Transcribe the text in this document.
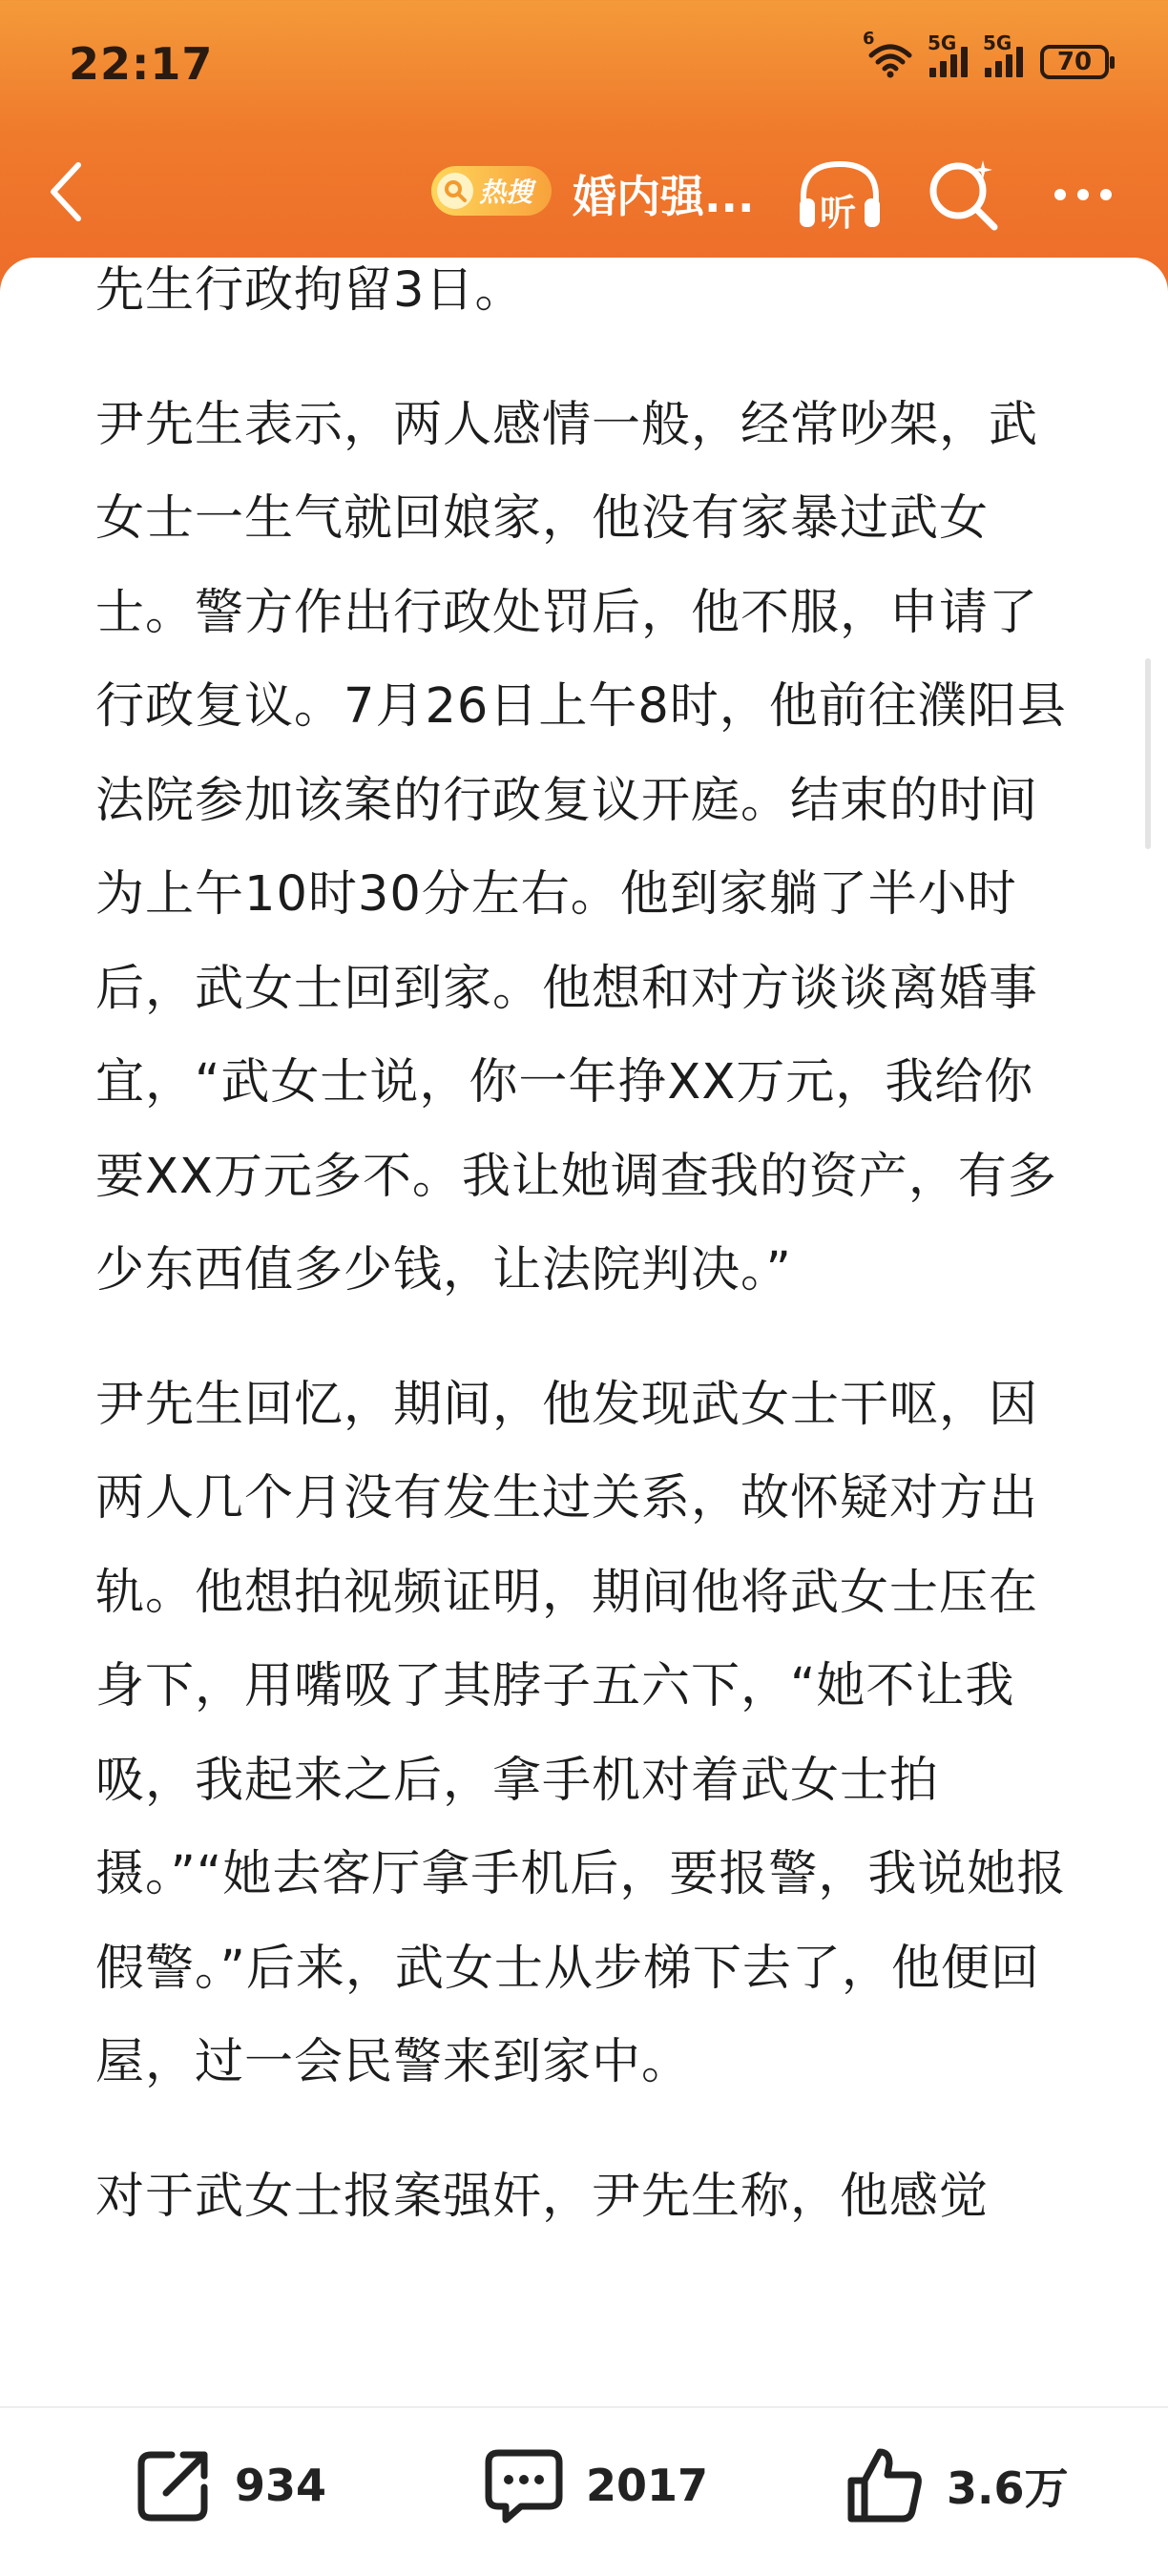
22:17	6	5G 5G
70
热搜 婚内强... 听

先生行政拘留3日。

尹先生表示，两人感情一般，经常吵架，武女士一生气就回娘家，他没有家暴过武女士。警方作出行政处罚后，他不服，申请了行政复议。7月26日上午8时，他前往濮阳县法院参加该案的行政复议开庭。结束的时间为上午10时30分左右。他到家躺了半小时后，武女士回到家。他想和对方谈谈离婚事宜，“武女士说，你一年挣XX万元，我给你要XX万元多不。我让她调查我的资产，有多少东西值多少钱，让法院判决。”

尹先生回忆，期间，他发现武女士干呕，因两人几个月没有发生过关系，故怀疑对方出轨。他想拍视频证明，期间他将武女士压在身下，用嘴吸了其脖子五六下，“她不让我吸，我起来之后，拿手机对着武女士拍摄。”“她去客厅拿手机后，要报警，我说她报假警。”后来，武女士从步梯下去了，他便回屋，过一会民警来到家中。

对于武女士报案强奸，尹先生称，他感觉

934	2017	3.6万
